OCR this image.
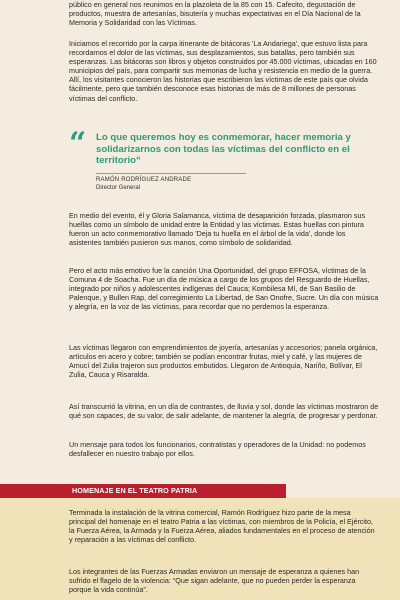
público en general nos reunimos en la plazoleta de la 85 con 15. Cafecito, degustación de productos, muestra de artesanías, bisutería y muchas expectativas en el Día Nacional de la Memoria y Solidaridad con las Víctimas.

Iniciamos el recorrido por la carpa itinerante de bitácoras 'La Andariega', que estuvo lista para recordarnos el dolor de las víctimas, sus desplazamientos, sus batallas, pero también sus esperanzas. Las bitácoras son libros y objetos construidos por 45.000 víctimas, ubicadas en 160 municipios del país, para compartir sus memorias de lucha y resistencia en medio de la guerra. Allí, los visitantes conocieron las historias que escribieron las víctimas de este país que olvida fácilmente, pero que también desconoce esas historias de más de 8 millones de personas víctimas del conflicto.

“ Lo que queremos hoy es conmemorar, hacer memoria y solidarizarnos con todas las víctimas del conflicto en el territorio“
RAMÓN RODRÍGUEZ ANDRADE
Director General

En medio del evento, él y Gloria Salamanca, víctima de desaparición forzada, plasmaron sus huellas como un símbolo de unidad entre la Entidad y las víctimas. Estas huellas con pintura fueron un acto conmemorativo llamado 'Deja tu huella en el árbol de la vida', donde los asistentes también pusieron sus manos, como símbolo de solidaridad.

Pero el acto más emotivo fue la canción Una Oportunidad, del grupo EFFOSA, víctimas de la Comuna 4 de Soacha. Fue un día de música a cargo de los grupos del Resguardo de Huellas, integrado por niños y adolescentes indígenas del Cauca; Kombilesa Mí, de San Basilio de Palenque, y Bullen Rap, del corregimiento La Libertad, de San Onofre, Sucre. Un día con música y alegría, en la voz de las víctimas, para recordar que no perdemos la esperanza.

Las víctimas llegaron con emprendimientos de joyería, artesanías y accesorios; panela orgánica, artículos en acero y cobre; también se podían encontrar frutas, miel y café, y las mujeres de Amucí del Zulia trajeron sus productos embutidos. Llegaron de Antioquia, Nariño, Bolívar, El Zulia, Cauca y Risaralda.

Así transcurrió la vitrina, en un día de contrastes, de lluvia y sol, donde las víctimas mostraron de qué son capaces, de su valor, de salir adelante, de mantener la alegría, de progresar y perdonar.

Un mensaje para todos los funcionarios, contratistas y operadores de la Unidad: no podemos desfallecer en nuestro trabajo por ellos.

HOMENAJE EN EL TEATRO PATRIA

Terminada la instalación de la vitrina comercial, Ramón Rodríguez hizo parte de la mesa principal del homenaje en el teatro Patria a las víctimas, con miembros de la Policía, el Ejército, la Fuerza Aérea, la Armada y la Fuerza Aérea, aliados fundamentales en el proceso de atención y reparación a las víctimas del conflicto.

Los integrantes de las Fuerzas Armadas enviaron un mensaje de esperanza a quienes han sufrido el flagelo de la violencia: “Que sigan adelante, que no pueden perder la esperanza porque la vida continúa”.
